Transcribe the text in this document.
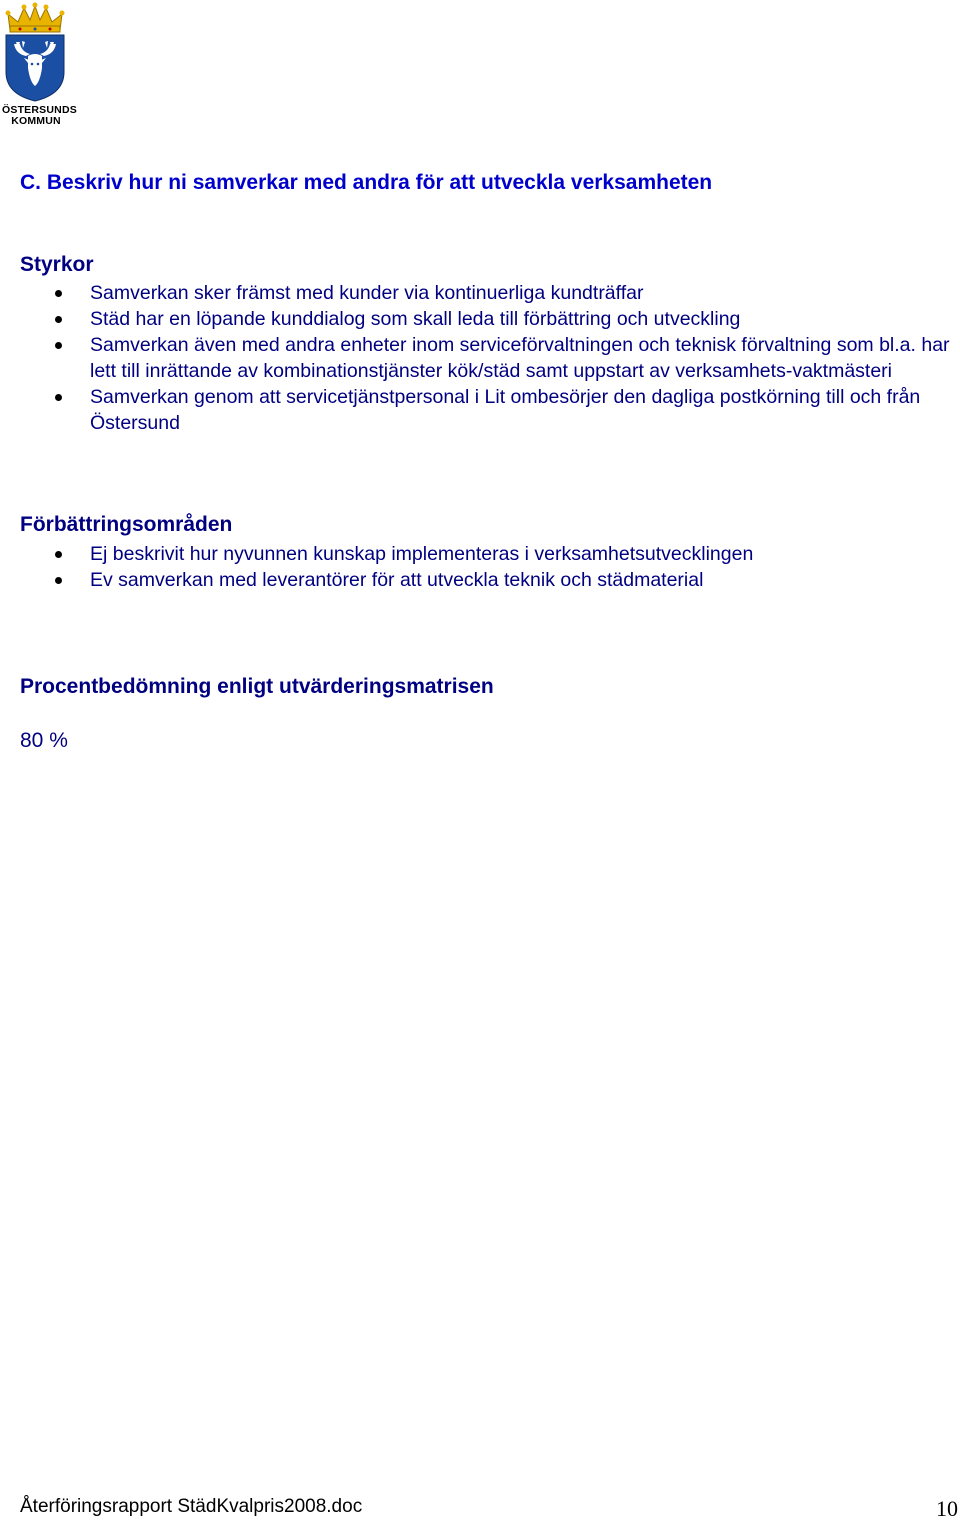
ÖSTERSUNDS
KOMMUN
C. Beskriv hur ni samverkar med andra för att utveckla verksamheten
Styrkor
Samverkan sker främst med kunder via kontinuerliga kundträffar
Städ har en löpande kunddialog som skall leda till förbättring och utveckling
Samverkan även med andra enheter inom serviceförvaltningen och teknisk förvaltning som bl.a. har lett till inrättande av kombinationstjänster kök/städ samt uppstart av verksamhets-vaktmästeri
Samverkan genom att servicetjänstpersonal i Lit ombesörjer den dagliga postkörning till och från Östersund
Förbättringsområden
Ej beskrivit hur nyvunnen kunskap implementeras i verksamhetsutvecklingen
Ev samverkan med leverantörer för att utveckla teknik och städmaterial
Procentbedömning enligt utvärderingsmatrisen

80 %

Återföringsrapport StädKvalpris2008.doc	10
